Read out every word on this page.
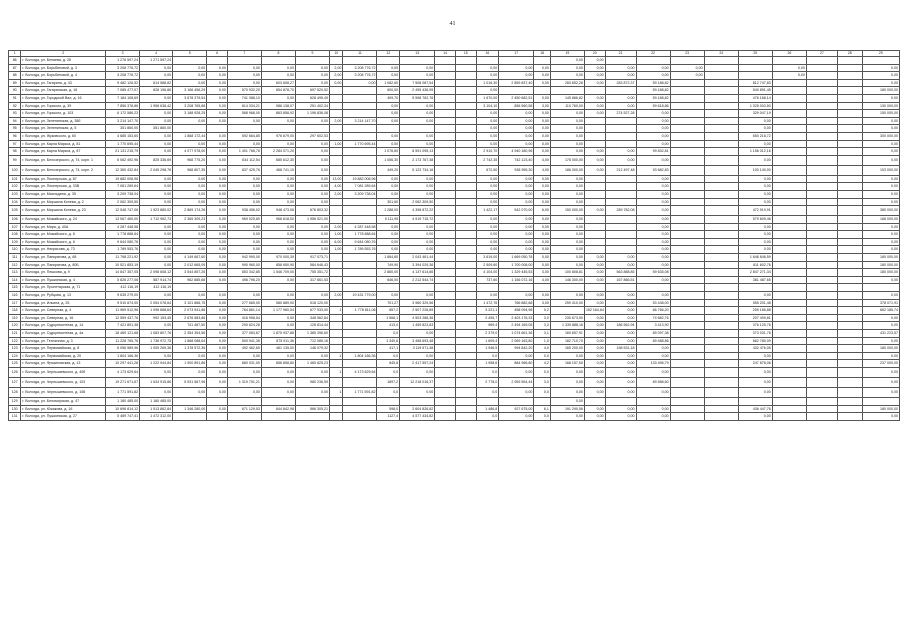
41
1	2	3	4	5	6	7	8	9	10	11	12	13	14	15	16	17	18	19	20	21	22	23	24	25	26	27	28	29
86	г. Вологда, ул. Беляева, д. 26	1 276 597,24	1 271 597,24															0,00	0,00									
87	г. Вологда, ул. Борьбиновой, д. 3	3 208 776,72	0,00	0,00	0,00	0,00	0,00	0,00	2,00	3 208 776,72	0,00	0,00			0,00	0,00	0,00	0,00	0,00	0,00	0,00	0,00			0,00			0,00
88	г. Вологда, ул. Борьбиновой, д. 4	3 208 776,72	0,00	0,00	0,00	0,00	0,00	0,00	2,00	3 208 776,72	0,00	0,00			0,00	0,00	0,00	0,00	0,00	0,00	0,00	0,00			0,00			0,00
89	г. Вологда, ул. Гагарина, д. 43	9 482 126,52	814 588,82	0,00	0,00	0,00	603 608,27	0,00	0,00	0,00	1 082,60	7 508 087,54			1 016,30	2 859 837,40	0,00	283 652,28	0,00	283 872,37	59 188,82			812 747,83				0,00
90	г. Вологда, ул. Гагаринская, д. 16	7 085 477,07	828 196,86	3 166 456,29	0,00	570 932,20	854 878,70	697 520,52			600,00	2 495 436,95			0,00						59 188,82			540 891,45				180 000,00
91	г. Вологда, ул. Городской Вал, д. 16	7 184 108,69	0,00	3 678 379,54	0,00	741 388,10	0,00	628 495,49			409,70	5 598 762,76			1 670,00	2 450 682,51	0,00	145 886,82	0,00	0,00	59 188,82			476 168,14				0,00
92	г. Вологда, ул. Горького, д. 39	7 856 378,86	1 958 638,42	3 208 765,88	0,00	814 334,21	986 138,07	251 402,34			0,00	0,00			3 104,10	856 560,58	3,00	110 760,00	0,00	0,00	59 618,86			1 325 003,50				130 000,00
93	г. Вологда, ул. Горького, д. 103	6 172 586,23	0,00	3 188 928,25	0,00	568 968,00	863 858,92	1 196 836,08			0,00	0,00			0,00	0,00	0,00	0,00	0,00	274 527,28	0,00			329 047,19				150 000,00
94	г. Вологда, ул. Зеленинская, д. 38б	3 214 147,70	0,00	0,00	0,00	0,00	0,00	0,00	2,00	3 214 147,70	0,00	0,00			0,00	0,00	0,00	0,00			0,00			0,00				0,00
95	г. Вологда, ул. Зеленинская, д. 5	351 860,00	351 860,00												0,00	0,00	0,00	0,00			0,00			0,00				0,00
96	г. Вологда, ул. Жуковского, д. 60	4 685 153,60	0,00	1 868 172,44	0,00	592 664,85	976 679,00	297 602,53			0,00	0,00			0,00	0,00	0,00	0,00			0,00			650 218,72				300 000,00
97	г. Вологда, ул. Карла Маркса, д. 81	1 770 695,44	0,00	0,00	0,00	0,00	0,00	0,00	1,00	1 770 695,44	0,00	0,00			0,00	0,00	0,00	0,00			0,00			0,00				0,00
98	г. Вологда, ул. Карла Маркса, д. 87	21 131 215,79	0,00	4 077 978,00	0,00	1 401 766,78	2 284 071,20	0,00			1 076,60	8 591 095,13			2 910,70	4 940 180,96	0,00	0,00	0,00	0,00	99 832,81			1 156 012,16				0,00
99	г. Вологда, ул. Белозерского, д. 74, корп. 1	6 062 492,96	825 336,69	968 775,20	0,00	634 112,54	685 612,30	0,00			1 056,30	2 173 767,38			2 742,35	742 123,40	4,00	178 000,00	0,00	0,00	0,00			0,00				0,00
100	г. Вологда, ул. Белозерского, д. 74, корп. 2	12 360 432,84	2 045 298,76	968 807,35	0,00	837 425,76	468 741,10	0,00			449,20	5 123 734,16			672,50	938 955,30	4,00	186 000,00	0,00	212 497,48	93 682,83			100 140,00				103 000,00
101	г. Вологда, ул. Пионерская, д. 87	19 882 008,96	0,00	0,00	0,00	0,00	0,00	0,00	13,00	19 882 008,96	0,00	0,00			0,00	0,00	0,00	0,00			0,00			0,00				0,00
102	г. Вологда, ул. Пионерская, д. 33В	7 081 289,64	0,00	0,00	0,00	0,00	0,00	0,00	4,00	7 081 289,64	0,00	0,00			0,00	0,00	0,00	0,00			0,00			0,00				0,00
103	г. Вологда, ул. Маяльдина, д. 35	3 209 738,04	0,00	0,00	0,00	0,00	0,00	0,00	2,00	3 209 738,04	0,00	0,00			0,00	0,00	0,00	0,00			0,00			0,00				0,00
104	г. Вологда, ул. Маршала Конева, д. 2	2 062 309,50	0,00	0,00	0,00	0,00	0,00	0,00			301,60	2 062 309,50			0,00	0,00	0,00	0,00			0,00			0,00				0,00
105	г. Вологда, ул. Маршала Конева, д. 23	12 548 747,06	1 923 880,02	2 869 174,26	0,00	938 456,02	948 473,06	676 803,32			1 288,00	4 398 872,22			1 422,17	542 070,00	6,00	150 000,00	0,00	289 782,08	0,00			472 919,91				380 000,00
106	г. Вологда, ул. Можайского, д. 24	13 067 460,00	1 712 962,73	2 365 309,23	0,00	969 025,80	966 618,00	1 956 521,00			5 111,95	4 919 715,72			0,00	0,00	0,00	0,00			0,00			579 609,46				168 000,00
107	г. Вологда, ул. Мира, д. 40А	4 287 448,58	0,00	0,00	0,00	0,00	0,00	0,00	2,00	4 287 448,58	0,00	0,00			0,00	0,00	0,00	0,00			0,00			0,00				0,00
108	г. Вологда, ул. Можайского, д. 6	1 778 888,64	0,00	0,00	0,00	0,00	0,00	0,00	1,00	1 778 888,64	0,00	0,00			0,00	0,00	0,00	0,00			0,00			0,00				0,00
109	г. Вологда, ул. Можайского, д. 6	9 644 080,76	0,00	0,00	0,00	0,00	0,00	0,00	6,00	9 644 080,76	0,00	0,00			0,00	0,00	0,00	0,00			0,00			0,00				0,00
110	г. Вологда, ул. Некрасова, д. 73	1 789 553,76	0,00	0,00	0,00	0,00	0,00	0,00	1,00	1 789 553,76	0,00	0,00			0,00	0,00	0,00	0,00			0,00			0,00				0,00
111	г. Вологда, ул. Панкратова, д. 68	11 798 221,92	0,00	4 149 667,60	0,00	942 990,00	970 000,39	917 073,71			1 884,80	2 043 461,44			3 619,00	1 669 050,78	0,00	0,00	0,00	0,00	0,00			1 646 846,59				180 000,00
112	г. Вологда, ул. Панкратова, д. 80Б	10 521 853,19	0,00	2 012 665,09	0,00	990 960,00	858 650,90	584 646,43			749,90	3 394 029,36			2 509,60	1 700 008,00	0,00	0,00	0,00	0,00	0,00			611 602,76				180 000,00
113	г. Вологда, ул. Пешкова, д. 9	14 647 357,05	2 098 608,12	3 544 857,26	0,00	853 342,85	1 546 709,00	755 351,72			2 880,00	4 137 614,66			4 104,00	1 329 445,53	3,00	100 808,81	0,00	563 888,85	59 635,08			2 847 271,34				180 000,00
114	г. Вологда, ул. Пушкинская, д. 4	5 826 277,06	587 914,74	962 885,68	0,00	496 796,20	0,00	317 661,53			646,00	2 212 544,74			737,60	1 156 072,16	4,00	146 300,00	0,00	167 866,51	0,00			381 487,65				0,00
115	г. Вологда, ул. Пролетарская, д. 71	412 116,19	412 116,19																									
116	г. Вологда, ул. Рубцова, д. 13	9 635 279,00	0,00	0,00	0,00	0,00	0,00	0,00	2,00	19 431 779,00	0,00	0,00			0,00	0,00	0,00	0,00	0,00	0,00	0,00			0,00				0,00
117	г. Вологда, ул. Ильина, д. 25	9 510 874,00	2 054 078,64	3 101 866,75	0,00	277 665,00	580 889,00	518 120,00			701,27	3 960 329,56			1 472,76	766 882,68	3,00	259 410,00	0,00	0,00	53 438,00			555 201,48				378 071,91
118	г. Вологда, ул. Северная, д. 4	11 969 512,96	1 098 668,64	2 073 941,86	0,00	764 861,14	1 177 960,54	677 933,00	1	1 778 811,06	657,2	2 507 226,89			3 221,1	458 094,98	0,2		152 164,64	0,00	66 766,20			259 166,88				662 185,74
119	г. Вологда, ул. Северная, д. 16	12 559 437,76	992 153,45	2 676 583,86	0,00	416 958,54	0,00	348 562,84			1 568,1	4 503 286,36			2 495,7	2 403 176,33	3,0	230 673,90	0,00	0,00	74 682,76			207 409,81				0,00
120	г. Вологда, ул. Судоремонтная, д. 14	7 421 891,38	0,00	741 487,50	0,00	290 624,28	0,00	128 814,44			413,0	1 459 823,83			969,4	2 494 169,05	3,3	1 339 888,16	0,00	186 562,94	3 413,90			376 125,76				0,00
121	г. Вологда, ул. Судоремонтная, д. 4a	18 469 121,68	1 083 807,76	2 354 354,56	0,00	377 063,67	1 875 937,86	1 385 396,60			0,0	0,00			2 379,0	1 074 661,36	3,1	169 657,91	0,00	0,00	89 097,38			373 031,76				431 223,57
122	г. Вологда, ул. Тепличная, д. 3	11 228 765,76	1 736 972,75	1 868 088,64	0,00	500 941,36	875 911,36	712 085,16			1 340,6	3 458 693,48			1 609,4	2 069 163,80	1,0	182 710,70	0,00	0,00	89 488,86			662 780,09				0,00
123	г. Вологда, ул. Первомайская, д. 8	6 056 589,96	1 005 269,36	1 378 572,36	0,00	492 462,60	461 135,00	146 079,32			417,1	3 119 571,38			1 946,5	994 842,20	4,0	165 200,00	0,00	158 531,18	0,00			432 476,05				180 000,00
124	г. Вологда, ул. Первомайская, д. 20	1 804 166,36	0,00	0,00	0,00	0,00	0,00	0,00	1	1 804 166,36	0,0	0,00			0,0	0,00	0,0	0,00	0,00	0,00	0,00			0,00				0,00
125	г. Вологда, ул. Фрязиновская, д. 13	10 297 441,28	1 222 944,84	1 900 891,86	0,00	880 031,00	856 858,80	1 465 825,23			845,8	2 417 557,24			1 958,6	884 966,80	4,2	168 157,50	0,00	0,00	133 496,79			247 878,06				237 000,00
126	г. Вологда, ул. Чернышевского, д. 40б	4 173 629,64	0,00	0,00	0,00	0,00	0,00	0,00	1	4 173 629,64	0,0	0,00			0,0	0,00	0,0	0,00	0,00	0,00	0,00			0,00				0,00
127	г. Вологда, ул. Чернышевского, д. 103	19 271 671,67	1 634 915,86	5 931 567,96	0,00	1 319 791,21	0,00	980 236,59			1897,2	12 218 016,37			2 778,0	2 959 554,44	3,0	0,00	0,00	0,00	89 588,60			0,00				0,00
128	г. Вологда, ул. Чернышевского, д. 108	1 771 591,82	0,00	0,00	0,00	0,00	0,00	0,00	1	1 771 591,82	0,0	0,00			0,0	0,00	0,0	0,00	0,00	0,00	0,00			0,00				0,00
129	г. Вологда, ул. Беломорская, д. 47	1 180 485,00	1 180 485,00															0,00										
130	г. Вологда, ул. Южакова, д. 16	10 696 814,12	1 513 862,84	1 346 280,00	0,00	671 129,53	844 842,98	566 305,21			598,0	2 604 826,82			1 486,8	927 675,00	6,1	191 290,56	0,00	0,00	0,00			436 447,76				180 000,00
131	г. Вологда, ул. Пушкинская, д. 27	5 489 747,41	1 472 312,00								1127,4	4 577 434,82			0,0	0,00	0,0	0,00	0,00	0,00	0,00			0,00				0,00
